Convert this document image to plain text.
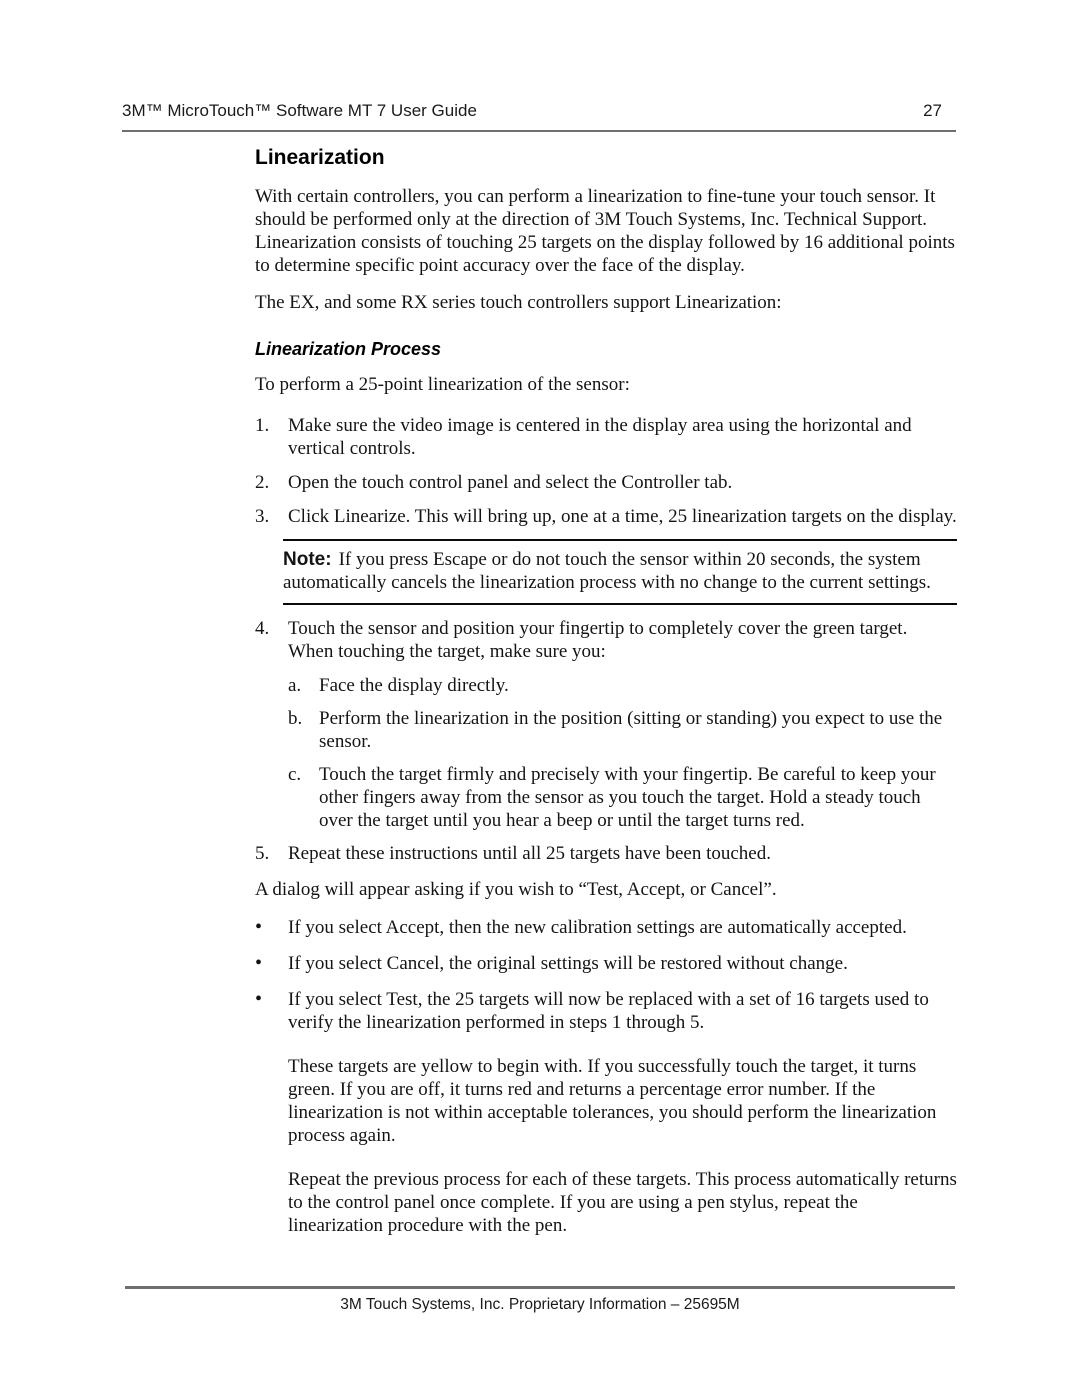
3M™ MicroTouch™ Software MT 7 User Guide	27
Linearization

With certain controllers, you can perform a linearization to fine-tune your touch sensor. It should be performed only at the direction of 3M Touch Systems, Inc. Technical Support. Linearization consists of touching 25 targets on the display followed by 16 additional points to determine specific point accuracy over the face of the display.

The EX, and some RX series touch controllers support Linearization:

Linearization Process

To perform a 25-point linearization of the sensor:

1. Make sure the video image is centered in the display area using the horizontal and vertical controls.
2. Open the touch control panel and select the Controller tab.
3. Click Linearize. This will bring up, one at a time, 25 linearization targets on the display.
Note: If you press Escape or do not touch the sensor within 20 seconds, the system automatically cancels the linearization process with no change to the current settings.
4. Touch the sensor and position your fingertip to completely cover the green target. When touching the target, make sure you:
a. Face the display directly.
b. Perform the linearization in the position (sitting or standing) you expect to use the sensor.
c. Touch the target firmly and precisely with your fingertip. Be careful to keep your other fingers away from the sensor as you touch the target. Hold a steady touch over the target until you hear a beep or until the target turns red.
5. Repeat these instructions until all 25 targets have been touched.

A dialog will appear asking if you wish to “Test, Accept, or Cancel”.

•	If you select Accept, then the new calibration settings are automatically accepted.
•	If you select Cancel, the original settings will be restored without change.
•	If you select Test, the 25 targets will now be replaced with a set of 16 targets used to verify the linearization performed in steps 1 through 5.

These targets are yellow to begin with. If you successfully touch the target, it turns green. If you are off, it turns red and returns a percentage error number. If the linearization is not within acceptable tolerances, you should perform the linearization process again.

Repeat the previous process for each of these targets. This process automatically returns to the control panel once complete. If you are using a pen stylus, repeat the linearization procedure with the pen.

3M Touch Systems, Inc. Proprietary Information – 25695M
